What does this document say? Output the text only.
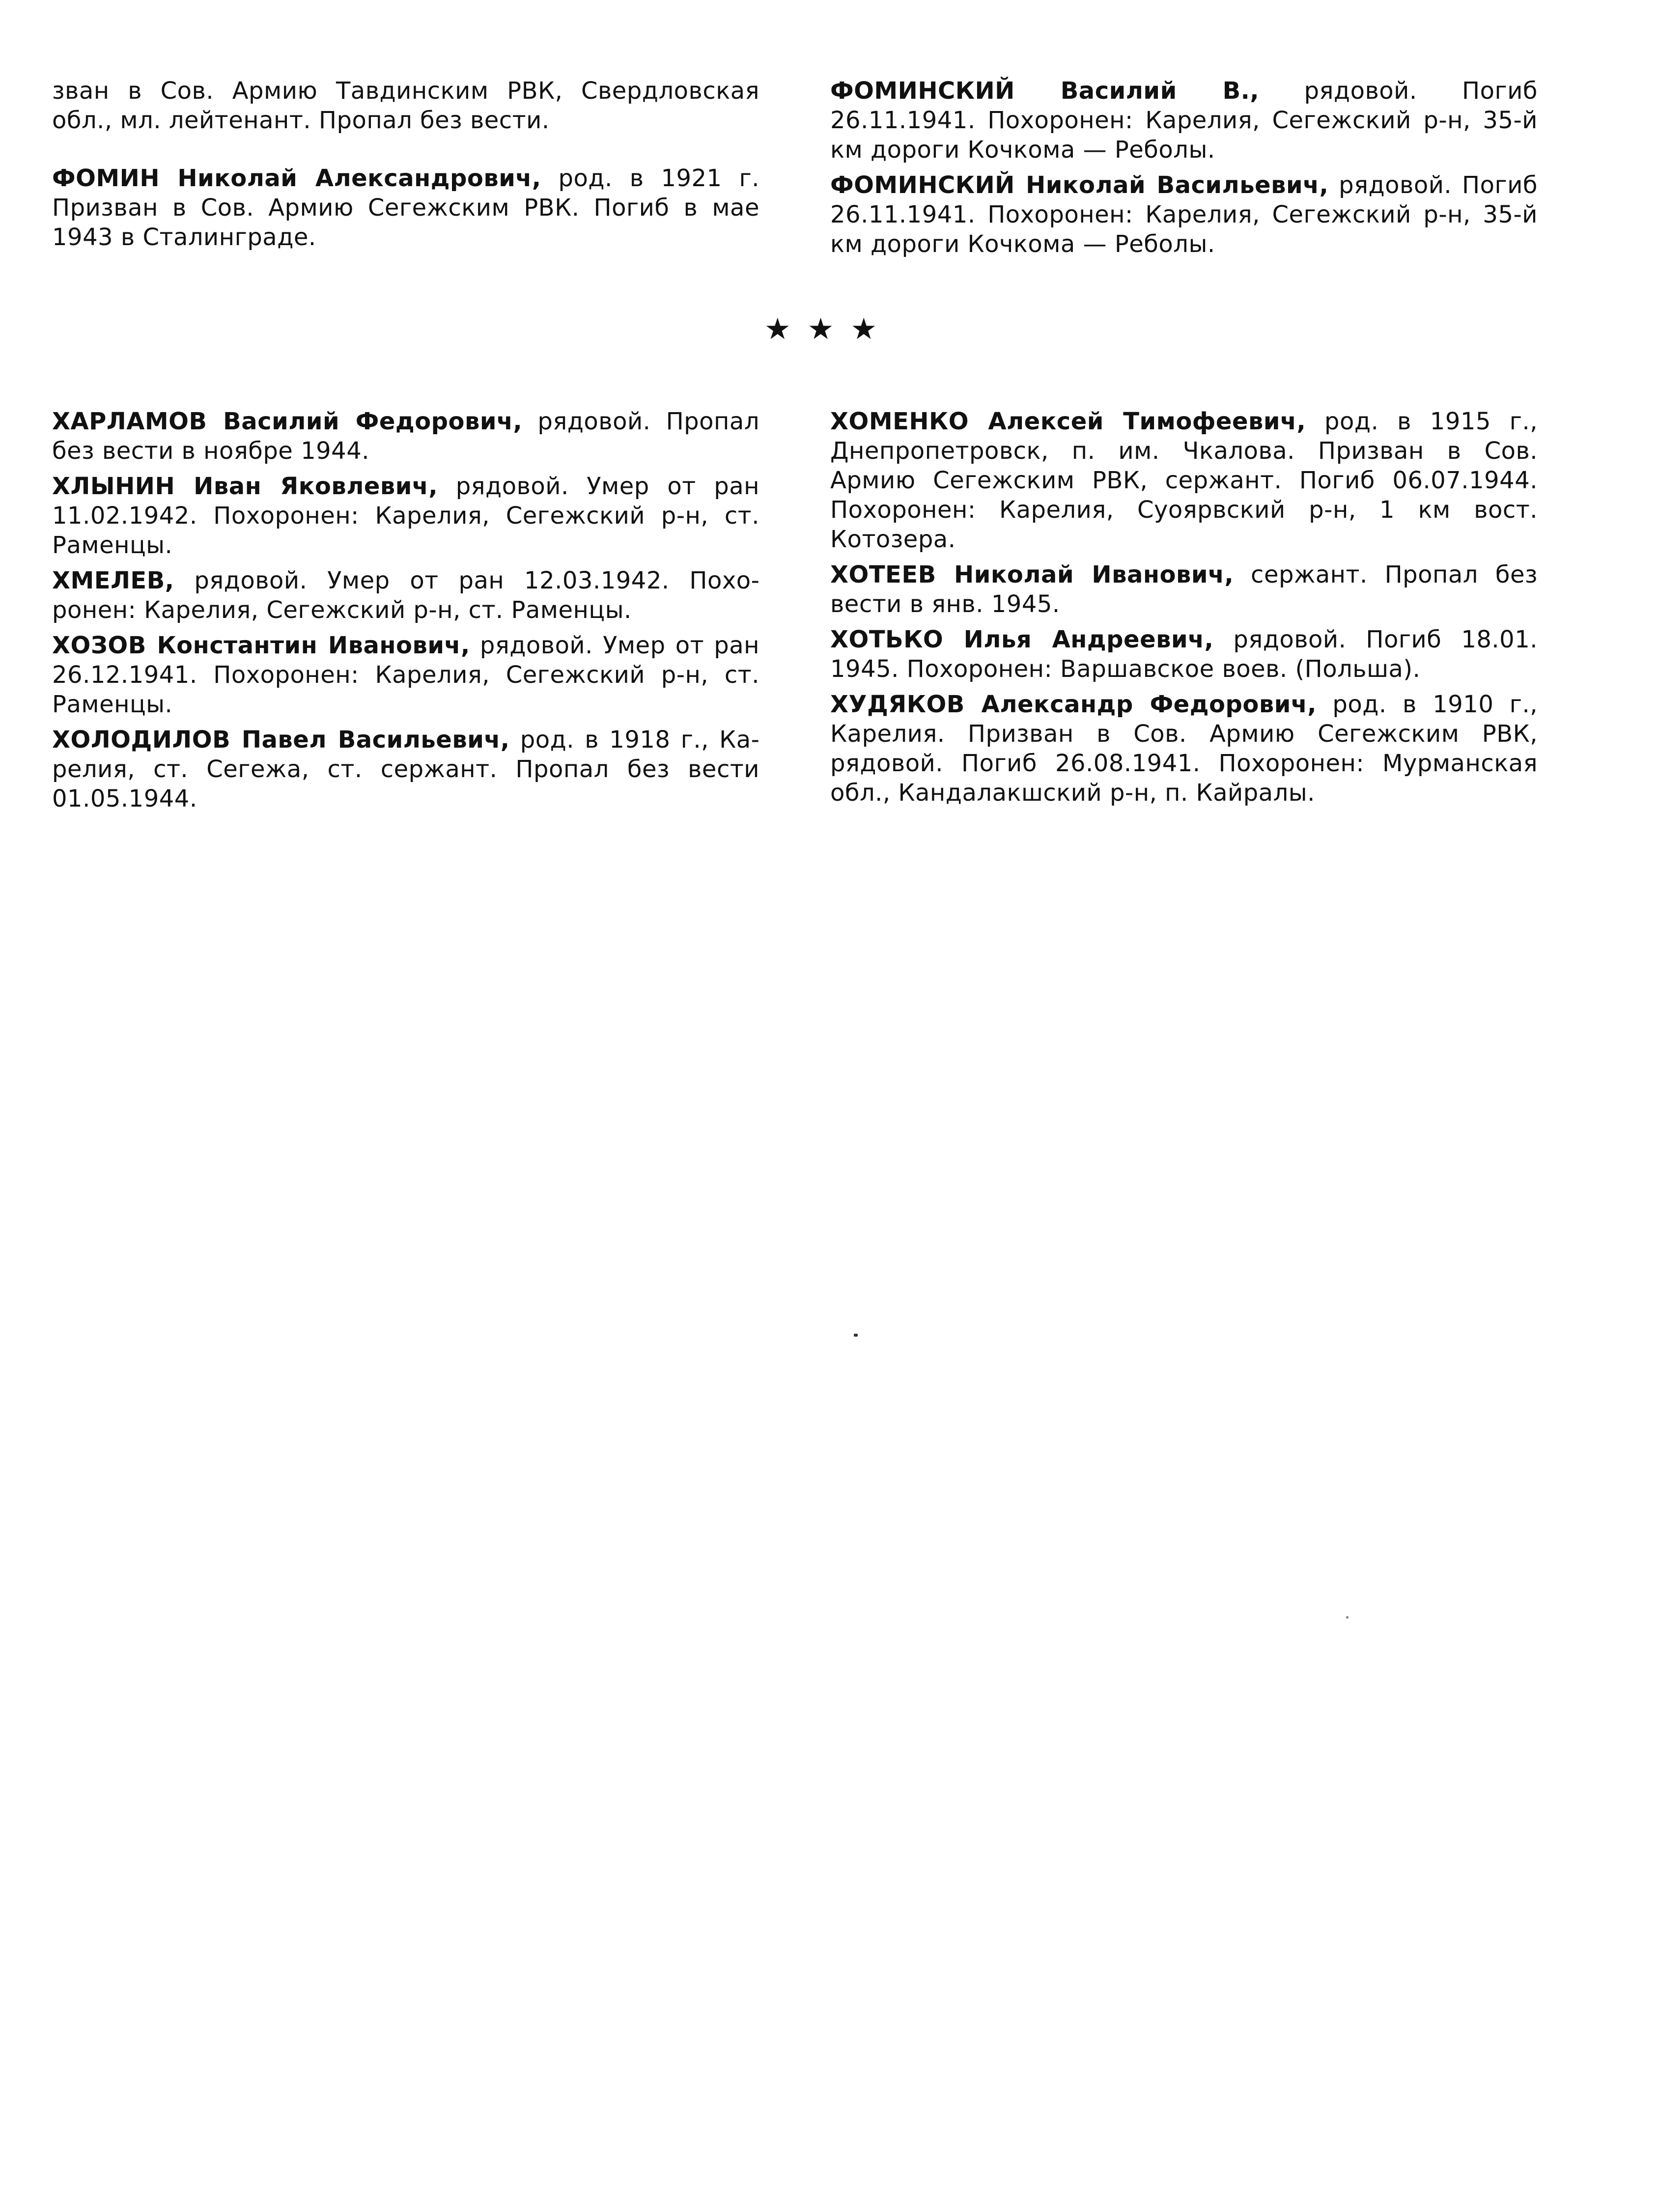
зван в Сов. Армию Тавдинским РВК, Свердловская обл., мл. лейтенант. Пропал без вести.

ФОМИН Николай Александрович, род. в 1921 г. Призван в Сов. Армию Сегежским РВК. Погиб в мае 1943 в Сталинграде.

ФОМИНСКИЙ Василий В., рядовой. Погиб 26.11.1941. Похоронен: Карелия, Сегежский р-н, 35-й км дороги Кочкома — Реболы.

ФОМИНСКИЙ Николай Васильевич, рядовой. Погиб 26.11.1941. Похоронен: Карелия, Сегежский р-н, 35-й км дороги Кочкома — Реболы.

★★★

ХАРЛАМОВ Василий Федорович, рядовой. Пропал без вести в ноябре 1944.

ХЛЫНИН Иван Яковлевич, рядовой. Умер от ран 11.02.1942. Похоронен: Карелия, Сегежский р-н, ст. Раменцы.

ХМЕЛЕВ, рядовой. Умер от ран 12.03.1942. Похоронен: Карелия, Сегежский р-н, ст. Раменцы.

ХОЗОВ Константин Иванович, рядовой. Умер от ран 26.12.1941. Похоронен: Карелия, Сегежский р-н, ст. Раменцы.

ХОЛОДИЛОВ Павел Васильевич, род. в 1918 г., Карелия, ст. Сегежа, ст. сержант. Пропал без вести 01.05.1944.

ХОМЕНКО Алексей Тимофеевич, род. в 1915 г., Днепропетровск, п. им. Чкалова. Призван в Сов. Армию Сегежским РВК, сержант. Погиб 06.07.1944. Похоронен: Карелия, Суоярвский р-н, 1 км вост. Котозера.

ХОТЕЕВ Николай Иванович, сержант. Пропал без вести в янв. 1945.

ХОТЬКО Илья Андреевич, рядовой. Погиб 18.01. 1945. Похоронен: Варшавское воев. (Польша).

ХУДЯКОВ Александр Федорович, род. в 1910 г., Карелия. Призван в Сов. Армию Сегежским РВК, рядовой. Погиб 26.08.1941. Похоронен: Мурманская обл., Кандалакшский р-н, п. Кайралы.
